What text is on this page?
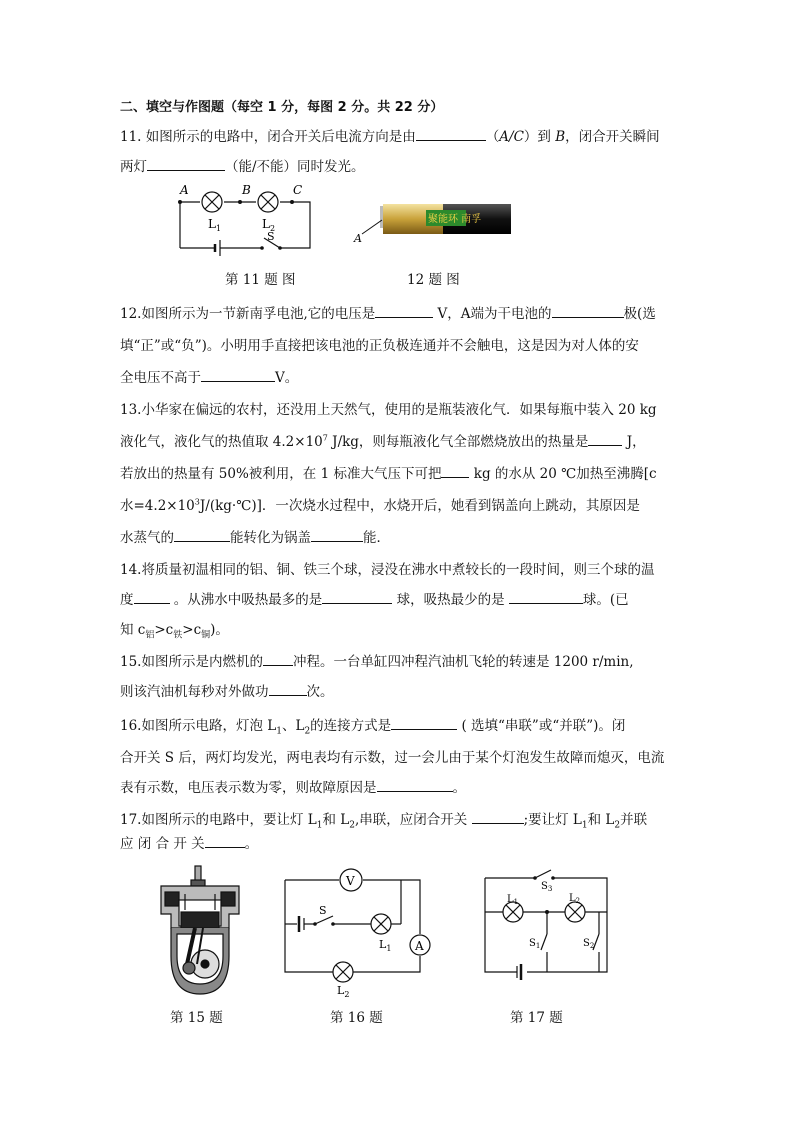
二、填空与作图题（每空 1 分，每图 2 分。共 22 分）
11. 如图所示的电路中，闭合开关后电流方向是由	（A/C）到 B，闭合开关瞬间
两灯	（能/不能）同时发光。
A	B	C
$L_1$	$L_2$
S
第 11 题 图
聚能环 南孚
A
12 题 图
12.如图所示为一节新南孚电池,它的电压是	V，A端为干电池的	极(选
填“正”或“负”)。小明用手直接把该电池的正负极连通并不会触电，这是因为对人体的安
全电压不高于	V。
13.小华家在偏远的农村，还没用上天然气，使用的是瓶装液化气．如果每瓶中装入 20 kg
液化气，液化气的热值取 $4.2\times 10^7$ J/kg，则每瓶液化气全部燃烧放出的热量是	J，
若放出的热量有 50%被利用，在 1 标准大气压下可把 kg 的水从 20 ℃加热至沸腾[c
水$=4.2\times 10^3J/(kg\cdot℃)$]．一次烧水过程中，水烧开后，她看到锅盖向上跳动，其原因是
水蒸气的	能转化为锅盖	能．
14.将质量初温相同的铝、铜、铁三个球，浸没在沸水中煮较长的一段时间，则三个球的温
度	。从沸水中吸热最多的是	球，吸热最少的是	球。(已
知 $c_铝>c_铁>c_铜$)。
15.如图所示是内燃机的 冲程。一台单缸四冲程汽油机飞轮的转速是 1200 r/min,
则该汽油机每秒对外做功	次。
16.如图所示电路，灯泡 $L_1$、$L_2$的连接方式是	( 选填“串联”或“并联”)。闭
合开关 S 后，两灯均发光，两电表均有示数，过一会儿由于某个灯泡发生故障而熄灭，电流
表有示数，电压表示数为零，则故障原因是	。
17.如图所示的电路中，要让灯 $L_1$和 $L_2$,串联，应闭合开关	;要让灯 $L_1$和 $L_2$并联
应 闭 合 开 关	。
第 15 题
V
A
S
$L_1$
$L_2$
第 16 题
$S_3$
$L_1$	$L_2$
$S_1$	$S_2$
第 17 题
